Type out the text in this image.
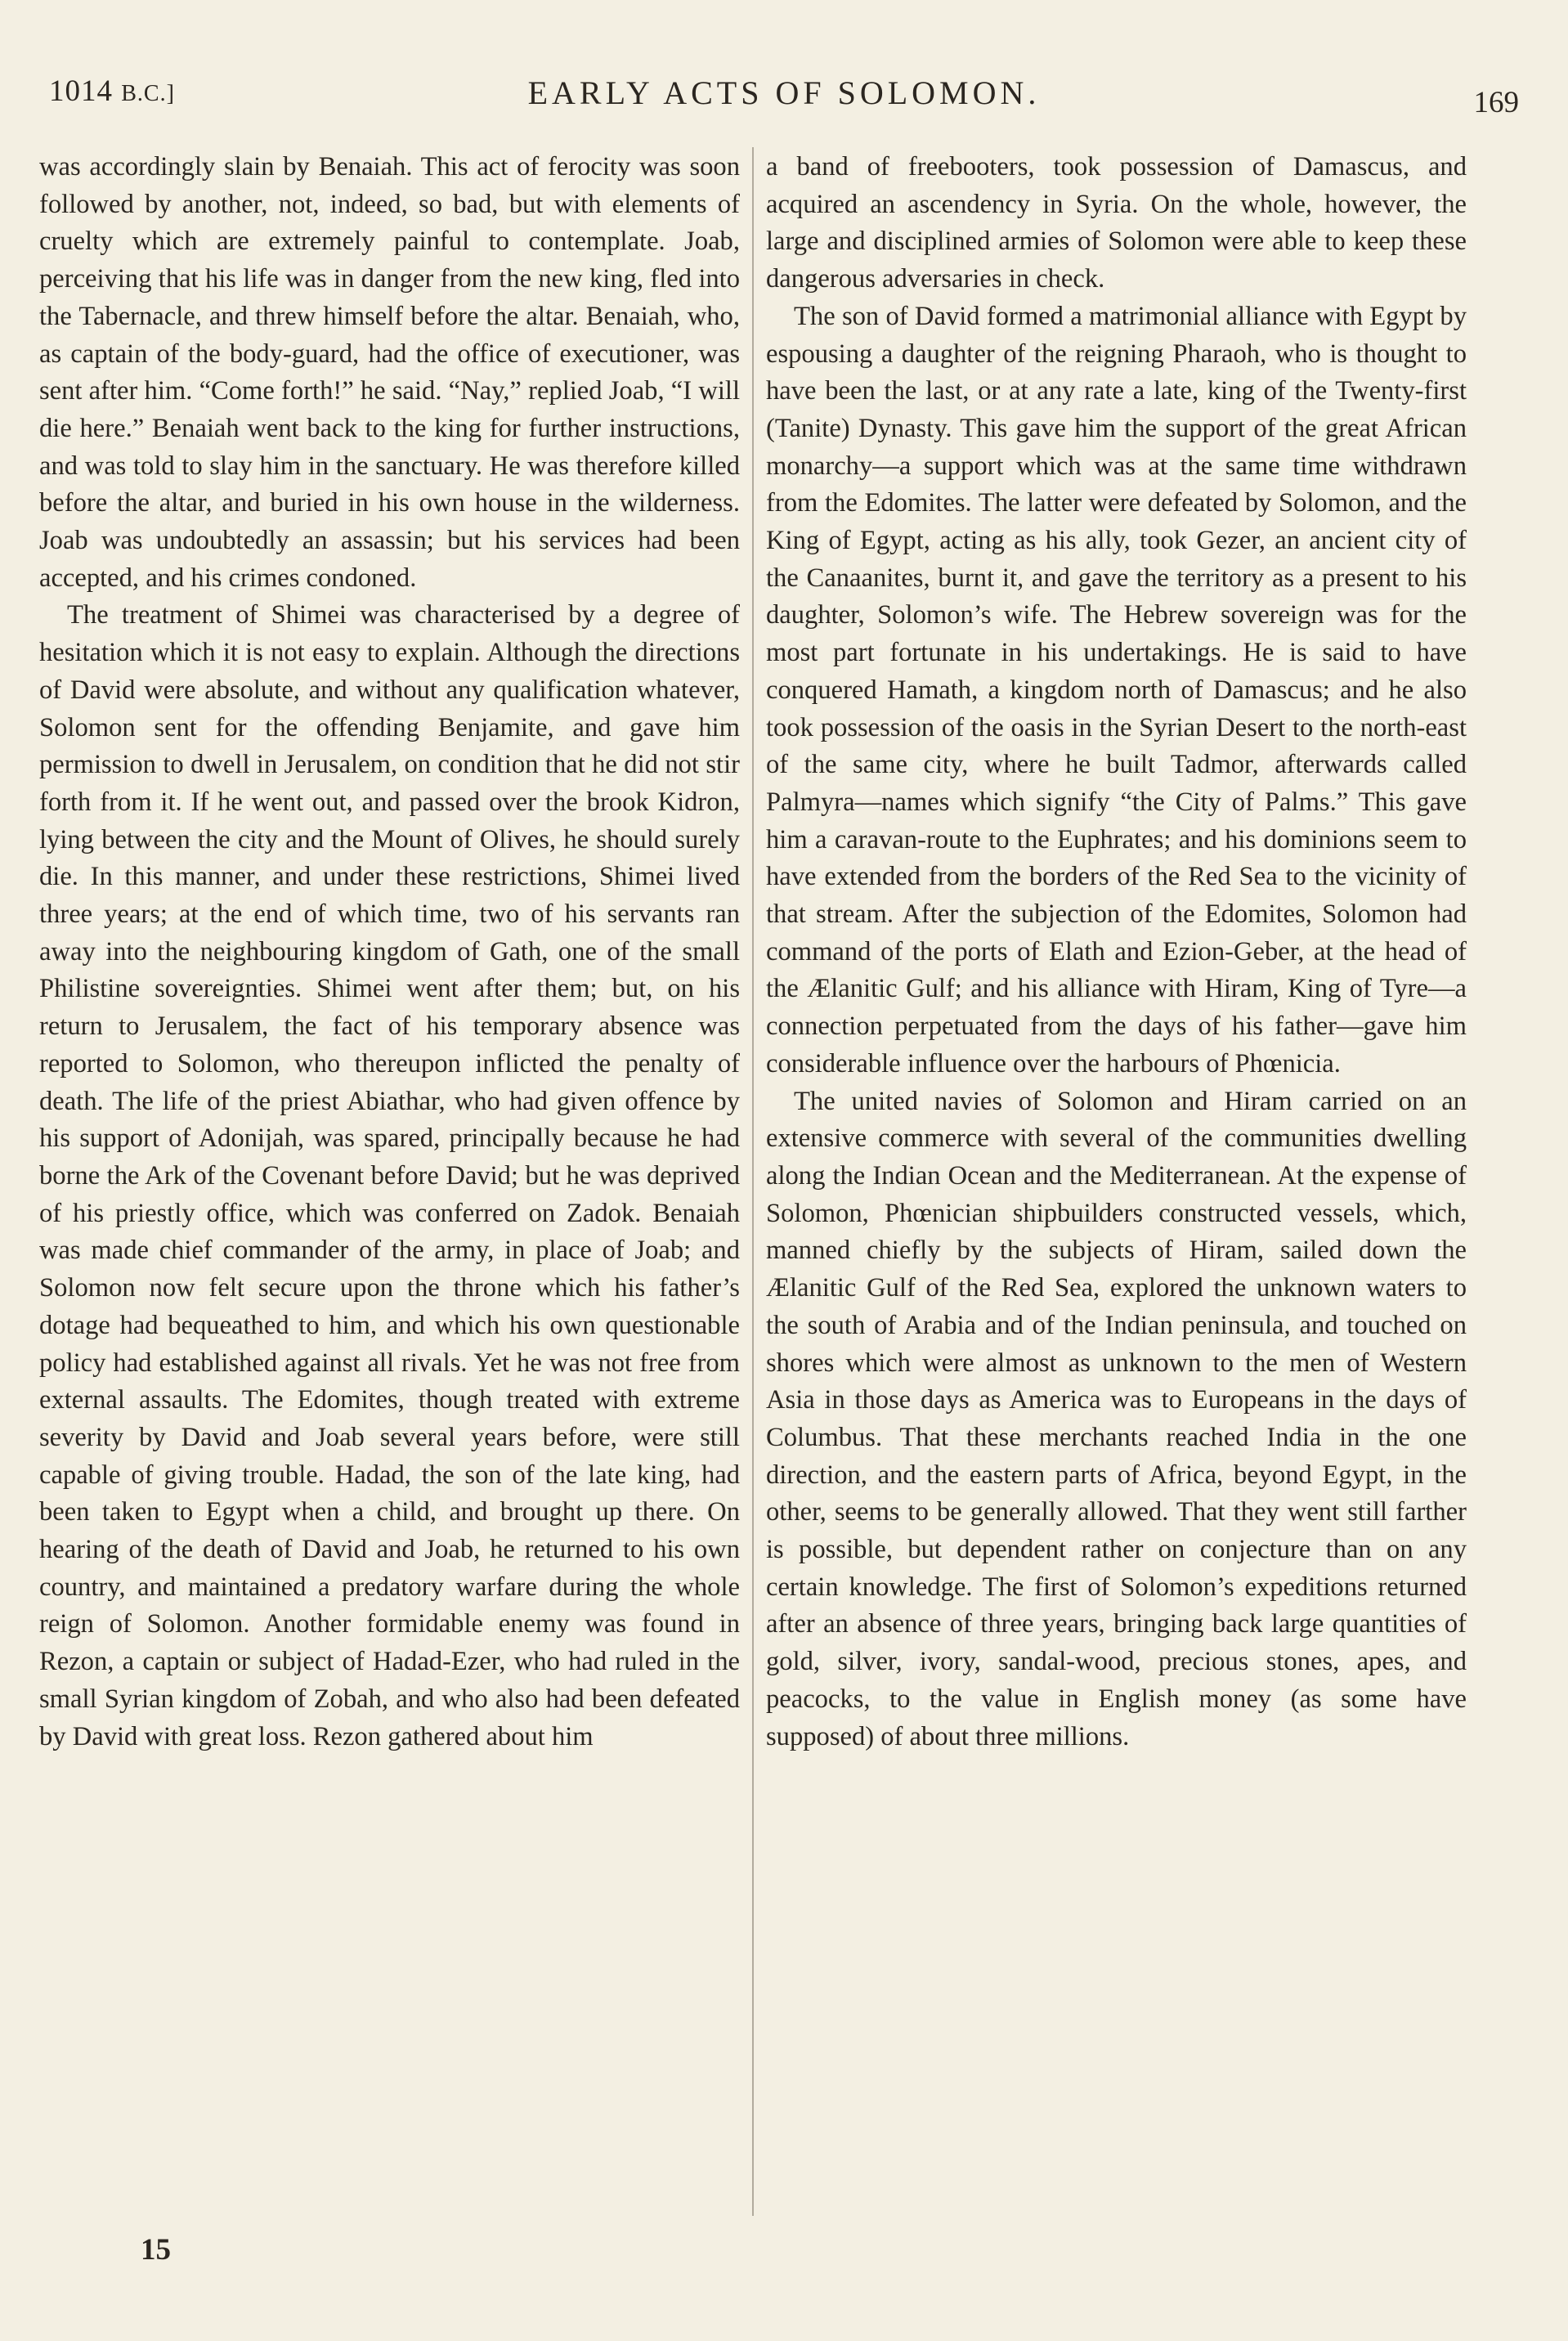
1014 B.C.]	EARLY ACTS OF SOLOMON.	169

was accordingly slain by Benaiah. This act of ferocity was soon followed by another, not, indeed, so bad, but with elements of cruelty which are extremely painful to contemplate. Joab, perceiving that his life was in danger from the new king, fled into the Tabernacle, and threw himself before the altar. Benaiah, who, as captain of the body-guard, had the office of executioner, was sent after him. “Come forth!” he said. “Nay,” replied Joab, “I will die here.” Benaiah went back to the king for further instructions, and was told to slay him in the sanctuary. He was therefore killed before the altar, and buried in his own house in the wilderness. Joab was undoubtedly an assassin; but his services had been accepted, and his crimes condoned.

The treatment of Shimei was characterised by a degree of hesitation which it is not easy to explain. Although the directions of David were absolute, and without any qualification whatever, Solomon sent for the offending Benjamite, and gave him permission to dwell in Jerusalem, on condition that he did not stir forth from it. If he went out, and passed over the brook Kidron, lying between the city and the Mount of Olives, he should surely die. In this manner, and under these restrictions, Shimei lived three years; at the end of which time, two of his servants ran away into the neighbouring kingdom of Gath, one of the small Philistine sovereignties. Shimei went after them; but, on his return to Jerusalem, the fact of his temporary absence was reported to Solomon, who thereupon inflicted the penalty of death. The life of the priest Abiathar, who had given offence by his support of Adonijah, was spared, principally because he had borne the Ark of the Covenant before David; but he was deprived of his priestly office, which was conferred on Zadok. Benaiah was made chief commander of the army, in place of Joab; and Solomon now felt secure upon the throne which his father’s dotage had bequeathed to him, and which his own questionable policy had established against all rivals. Yet he was not free from external assaults. The Edomites, though treated with extreme severity by David and Joab several years before, were still capable of giving trouble. Hadad, the son of the late king, had been taken to Egypt when a child, and brought up there. On hearing of the death of David and Joab, he returned to his own country, and maintained a predatory warfare during the whole reign of Solomon. Another formidable enemy was found in Rezon, a captain or subject of Hadad-Ezer, who had ruled in the small Syrian kingdom of Zobah, and who also had been defeated by David with great loss. Rezon gathered about him

a band of freebooters, took possession of Damascus, and acquired an ascendency in Syria. On the whole, however, the large and disciplined armies of Solomon were able to keep these dangerous adversaries in check.

The son of David formed a matrimonial alliance with Egypt by espousing a daughter of the reigning Pharaoh, who is thought to have been the last, or at any rate a late, king of the Twenty-first (Tanite) Dynasty. This gave him the support of the great African monarchy—a support which was at the same time withdrawn from the Edomites. The latter were defeated by Solomon, and the King of Egypt, acting as his ally, took Gezer, an ancient city of the Canaanites, burnt it, and gave the territory as a present to his daughter, Solomon’s wife. The Hebrew sovereign was for the most part fortunate in his undertakings. He is said to have conquered Hamath, a kingdom north of Damascus; and he also took possession of the oasis in the Syrian Desert to the north-east of the same city, where he built Tadmor, afterwards called Palmyra—names which signify “the City of Palms.” This gave him a caravan-route to the Euphrates; and his dominions seem to have extended from the borders of the Red Sea to the vicinity of that stream. After the subjection of the Edomites, Solomon had command of the ports of Elath and Ezion-Geber, at the head of the Ælanitic Gulf; and his alliance with Hiram, King of Tyre—a connection perpetuated from the days of his father—gave him considerable influence over the harbours of Phœnicia.

The united navies of Solomon and Hiram carried on an extensive commerce with several of the communities dwelling along the Indian Ocean and the Mediterranean. At the expense of Solomon, Phœnician shipbuilders constructed vessels, which, manned chiefly by the subjects of Hiram, sailed down the Ælanitic Gulf of the Red Sea, explored the unknown waters to the south of Arabia and of the Indian peninsula, and touched on shores which were almost as unknown to the men of Western Asia in those days as America was to Europeans in the days of Columbus. That these merchants reached India in the one direction, and the eastern parts of Africa, beyond Egypt, in the other, seems to be generally allowed. That they went still farther is possible, but dependent rather on conjecture than on any certain knowledge. The first of Solomon’s expeditions returned after an absence of three years, bringing back large quantities of gold, silver, ivory, sandal-wood, precious stones, apes, and peacocks, to the value in English money (as some have supposed) of about three millions.

15
